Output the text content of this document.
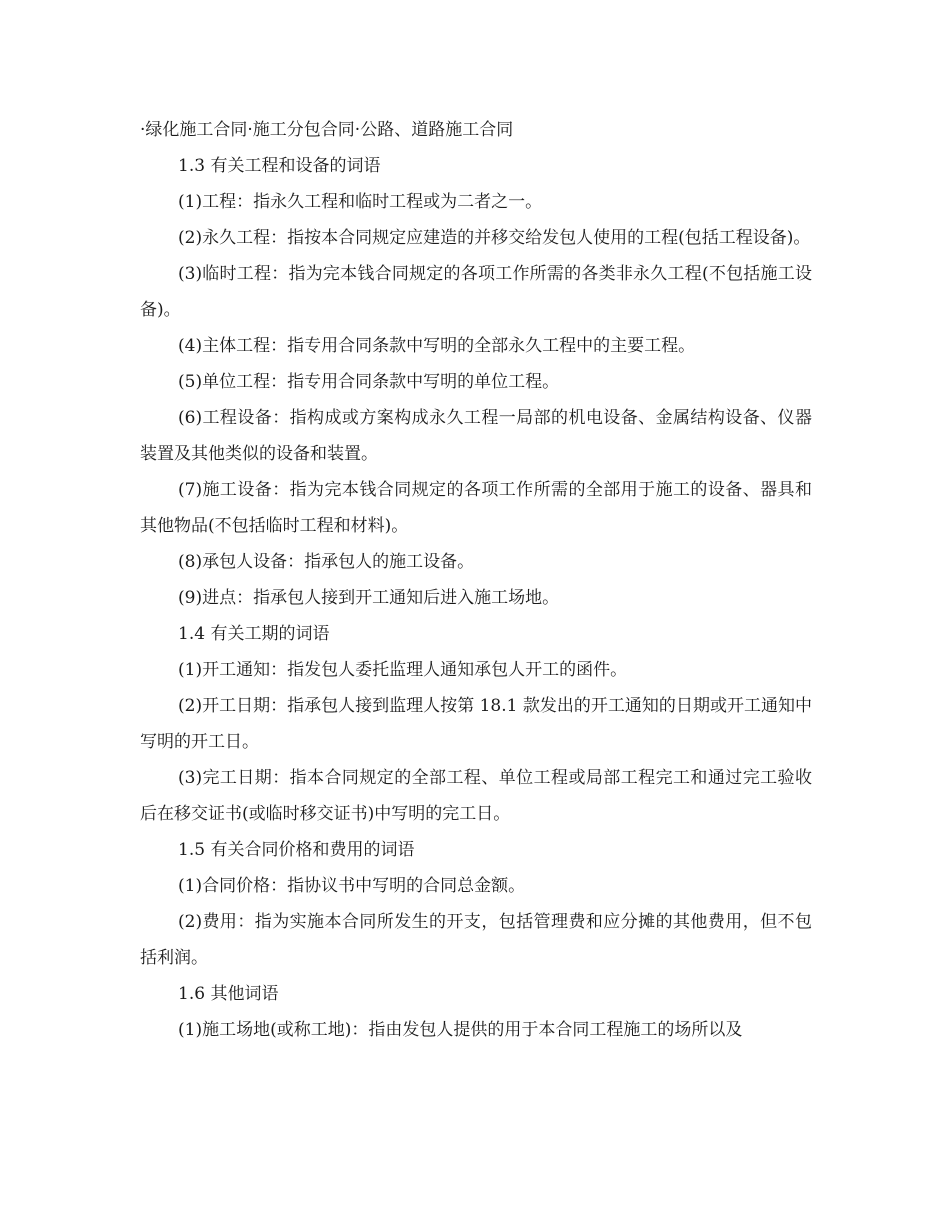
·绿化施工合同·施工分包合同·公路、道路施工合同

1.3 有关工程和设备的词语

(1)工程：指永久工程和临时工程或为二者之一。

(2)永久工程：指按本合同规定应建造的并移交给发包人使用的工程(包括工程设备)。

(3)临时工程：指为完本钱合同规定的各项工作所需的各类非永久工程(不包括施工设备)。

(4)主体工程：指专用合同条款中写明的全部永久工程中的主要工程。

(5)单位工程：指专用合同条款中写明的单位工程。

(6)工程设备：指构成或方案构成永久工程一局部的机电设备、金属结构设备、仪器装置及其他类似的设备和装置。

(7)施工设备：指为完本钱合同规定的各项工作所需的全部用于施工的设备、器具和其他物品(不包括临时工程和材料)。

(8)承包人设备：指承包人的施工设备。

(9)进点：指承包人接到开工通知后进入施工场地。

1.4 有关工期的词语

(1)开工通知：指发包人委托监理人通知承包人开工的函件。

(2)开工日期：指承包人接到监理人按第 18.1 款发出的开工通知的日期或开工通知中写明的开工日。

(3)完工日期：指本合同规定的全部工程、单位工程或局部工程完工和通过完工验收后在移交证书(或临时移交证书)中写明的完工日。

1.5 有关合同价格和费用的词语

(1)合同价格：指协议书中写明的合同总金额。

(2)费用：指为实施本合同所发生的开支，包括管理费和应分摊的其他费用，但不包括利润。

1.6 其他词语

(1)施工场地(或称工地)：指由发包人提供的用于本合同工程施工的场所以及
